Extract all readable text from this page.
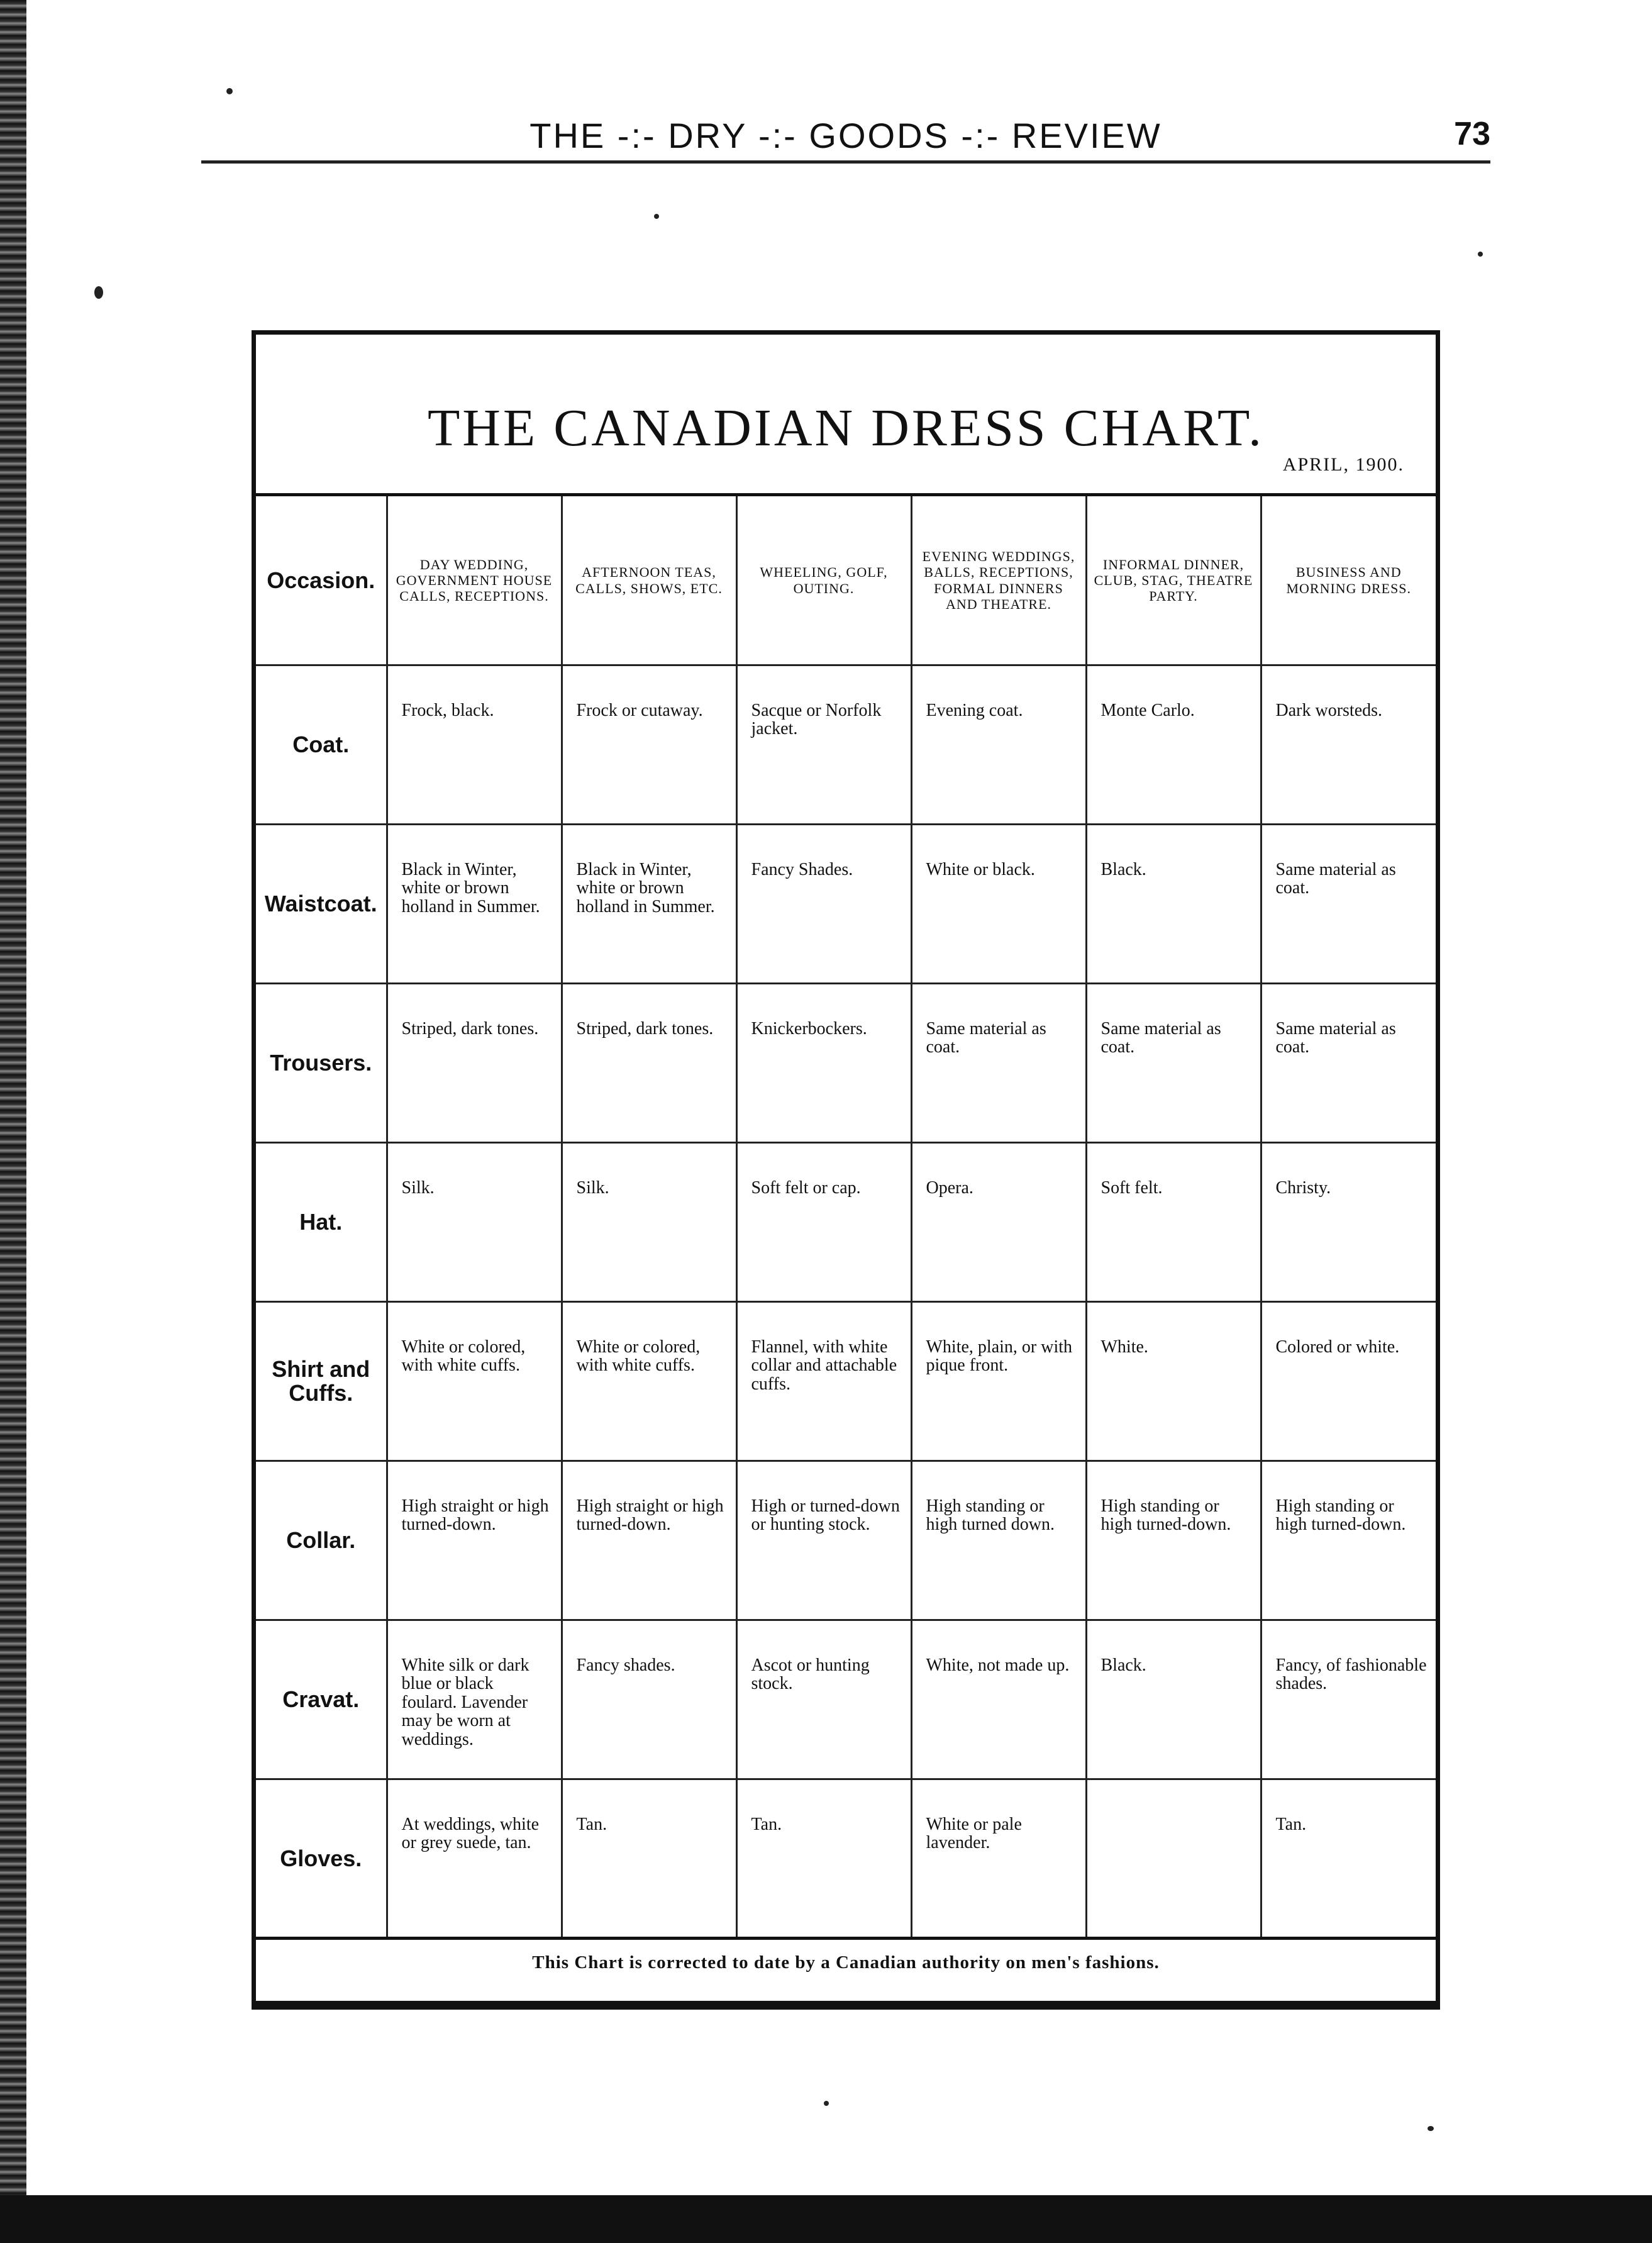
THE -:- DRY -:- GOODS -:- REVIEW	73
THE CANADIAN DRESS CHART.
APRIL, 1900.
Occasion.	DAY WEDDING, GOVERNMENT HOUSE CALLS, RECEPTIONS.	AFTERNOON TEAS, CALLS, SHOWS, ETC.	WHEELING, GOLF, OUTING.	EVENING WEDDINGS, BALLS, RECEPTIONS, FORMAL DINNERS AND THEATRE.	INFORMAL DINNER, CLUB, STAG, THEATRE PARTY.	BUSINESS AND MORNING DRESS.
Coat.	Frock, black.	Frock or cutaway.	Sacque or Norfolk jacket.	Evening coat.	Monte Carlo.	Dark worsteds.
Waistcoat.	Black in Winter, white or brown holland in Summer.	Black in Winter, white or brown holland in Summer.	Fancy Shades.	White or black.	Black.	Same material as coat.
Trousers.	Striped, dark tones.	Striped, dark tones.	Knickerbockers.	Same material as coat.	Same material as coat.	Same material as coat.
Hat.	Silk.	Silk.	Soft felt or cap.	Opera.	Soft felt.	Christy.
Shirt and Cuffs.	White or colored, with white cuffs.	White or colored, with white cuffs.	Flannel, with white collar and attachable cuffs.	White, plain, or with pique front.	White.	Colored or white.
Collar.	High straight or high turned-down.	High straight or high turned-down.	High or turned-down or hunting stock.	High standing or high turned down.	High standing or high turned-down.	High standing or high turned-down.
Cravat.	White silk or dark blue or black foulard. Lavender may be worn at weddings.	Fancy shades.	Ascot or hunting stock.	White, not made up.	Black.	Fancy, of fashionable shades.
Gloves.	At weddings, white or grey suede, tan.	Tan.	Tan.	White or pale lavender.		Tan.
This Chart is corrected to date by a Canadian authority on men's fashions.
